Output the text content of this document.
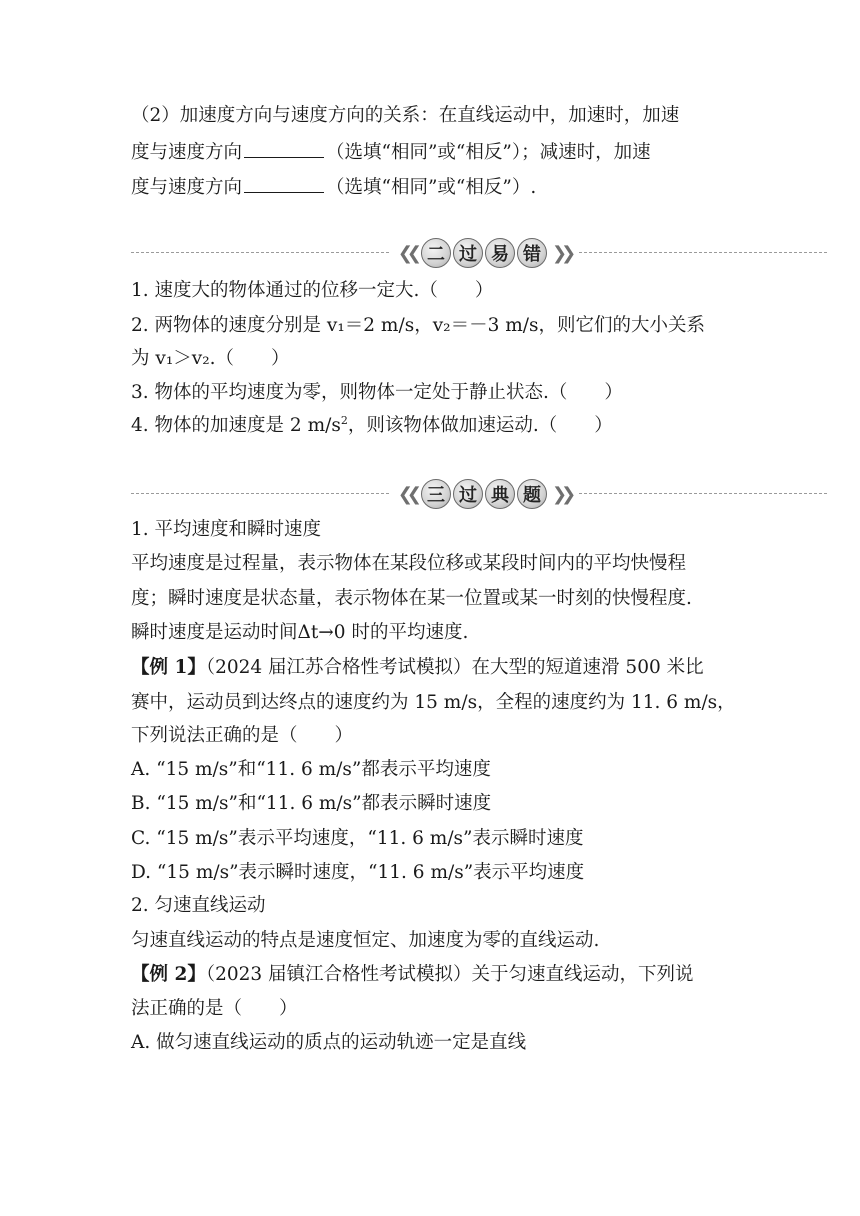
（2）加速度方向与速度方向的关系：在直线运动中，加速时，加速
度与速度方向	（选填“相同”或“相反”）；减速时，加速
度与速度方向	（选填“相同”或“相反”）.
❮❮ 二 过 易 错 ❯❯
1. 速度大的物体通过的位移一定大.（　　）
2. 两物体的速度分别是 v₁＝2 m/s，v₂＝－3 m/s，则它们的大小关系
为 v₁＞v₂.（　　）
3. 物体的平均速度为零，则物体一定处于静止状态.（　　）
4. 物体的加速度是 2 $m/s^2$，则该物体做加速运动.（　　）
❮❮ 三 过 典 题 ❯❯
1. 平均速度和瞬时速度
平均速度是过程量，表示物体在某段位移或某段时间内的平均快慢程
度；瞬时速度是状态量，表示物体在某一位置或某一时刻的快慢程度.
瞬时速度是运动时间Δt→0 时的平均速度.
【例 1】（2024 届江苏合格性考试模拟）在大型的短道速滑 500 米比
赛中，运动员到达终点的速度约为 15 m/s，全程的速度约为 11. 6 m/s，
下列说法正确的是（　　）
A. “15 m/s”和“11. 6 m/s”都表示平均速度
B. “15 m/s”和“11. 6 m/s”都表示瞬时速度
C. “15 m/s”表示平均速度，“11. 6 m/s”表示瞬时速度
D. “15 m/s”表示瞬时速度，“11. 6 m/s”表示平均速度
2. 匀速直线运动
匀速直线运动的特点是速度恒定、加速度为零的直线运动.
【例 2】（2023 届镇江合格性考试模拟）关于匀速直线运动，下列说
法正确的是（　　）
A. 做匀速直线运动的质点的运动轨迹一定是直线
